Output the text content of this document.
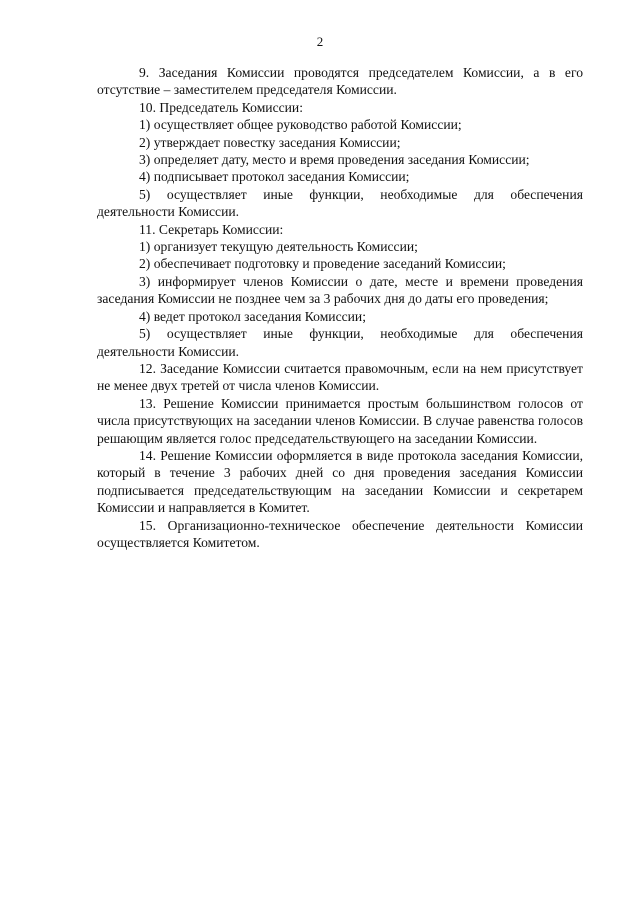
2

9. Заседания Комиссии проводятся председателем Комиссии, а в его отсутствие – заместителем председателя Комиссии.

10. Председатель Комиссии:

1) осуществляет общее руководство работой Комиссии;

2) утверждает повестку заседания Комиссии;

3) определяет дату, место и время проведения заседания Комиссии;

4) подписывает протокол заседания Комиссии;

5) осуществляет иные функции, необходимые для обеспечения деятельности Комиссии.

11. Секретарь Комиссии:

1) организует текущую деятельность Комиссии;

2) обеспечивает подготовку и проведение заседаний Комиссии;

3) информирует членов Комиссии о дате, месте и времени проведения заседания Комиссии не позднее чем за 3 рабочих дня до даты его проведения;

4) ведет протокол заседания Комиссии;

5) осуществляет иные функции, необходимые для обеспечения деятельности Комиссии.

12. Заседание Комиссии считается правомочным, если на нем присутствует не менее двух третей от числа членов Комиссии.

13. Решение Комиссии принимается простым большинством голосов от числа присутствующих на заседании членов Комиссии. В случае равенства голосов решающим является голос председательствующего на заседании Комиссии.

14. Решение Комиссии оформляется в виде протокола заседания Комиссии, который в течение 3 рабочих дней со дня проведения заседания Комиссии подписывается председательствующим на заседании Комиссии и секретарем Комиссии и направляется в Комитет.

15. Организационно-техническое обеспечение деятельности Комиссии осуществляется Комитетом.
